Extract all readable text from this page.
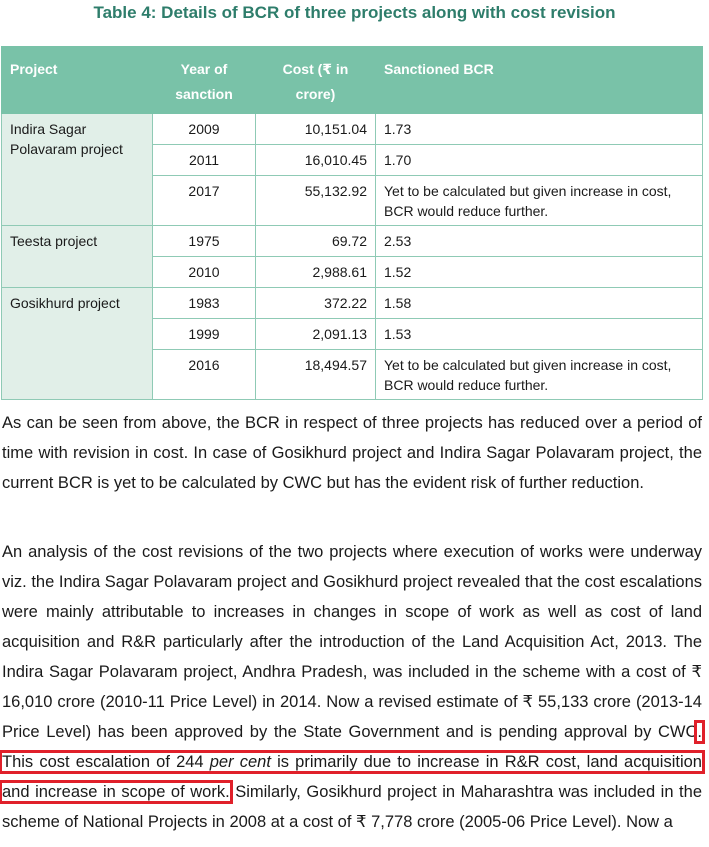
Table 4: Details of BCR of three projects along with cost revision
Project	Year of sanction	Cost (₹ in crore)	Sanctioned BCR
Indira Sagar Polavaram project	2009	10,151.04	1.73
	2011	16,010.45	1.70
	2017	55,132.92	Yet to be calculated but given increase in cost, BCR would reduce further.
Teesta project	1975	69.72	2.53
	2010	2,988.61	1.52
Gosikhurd project	1983	372.22	1.58
	1999	2,091.13	1.53
	2016	18,494.57	Yet to be calculated but given increase in cost, BCR would reduce further.

As can be seen from above, the BCR in respect of three projects has reduced over a period of time with revision in cost. In case of Gosikhurd project and Indira Sagar Polavaram project, the current BCR is yet to be calculated by CWC but has the evident risk of further reduction.

An analysis of the cost revisions of the two projects where execution of works were underway viz. the Indira Sagar Polavaram project and Gosikhurd project revealed that the cost escalations were mainly attributable to increases in changes in scope of work as well as cost of land acquisition and R&R particularly after the introduction of the Land Acquisition Act, 2013. The Indira Sagar Polavaram project, Andhra Pradesh, was included in the scheme with a cost of ₹ 16,010 crore (2010-11 Price Level) in 2014. Now a revised estimate of ₹ 55,133 crore (2013-14 Price Level) has been approved by the State Government and is pending approval by CWC. This cost escalation of 244 per cent is primarily due to increase in R&R cost, land acquisition and increase in scope of work. Similarly, Gosikhurd project in Maharashtra was included in the scheme of National Projects in 2008 at a cost of ₹ 7,778 crore (2005-06 Price Level). Now a
